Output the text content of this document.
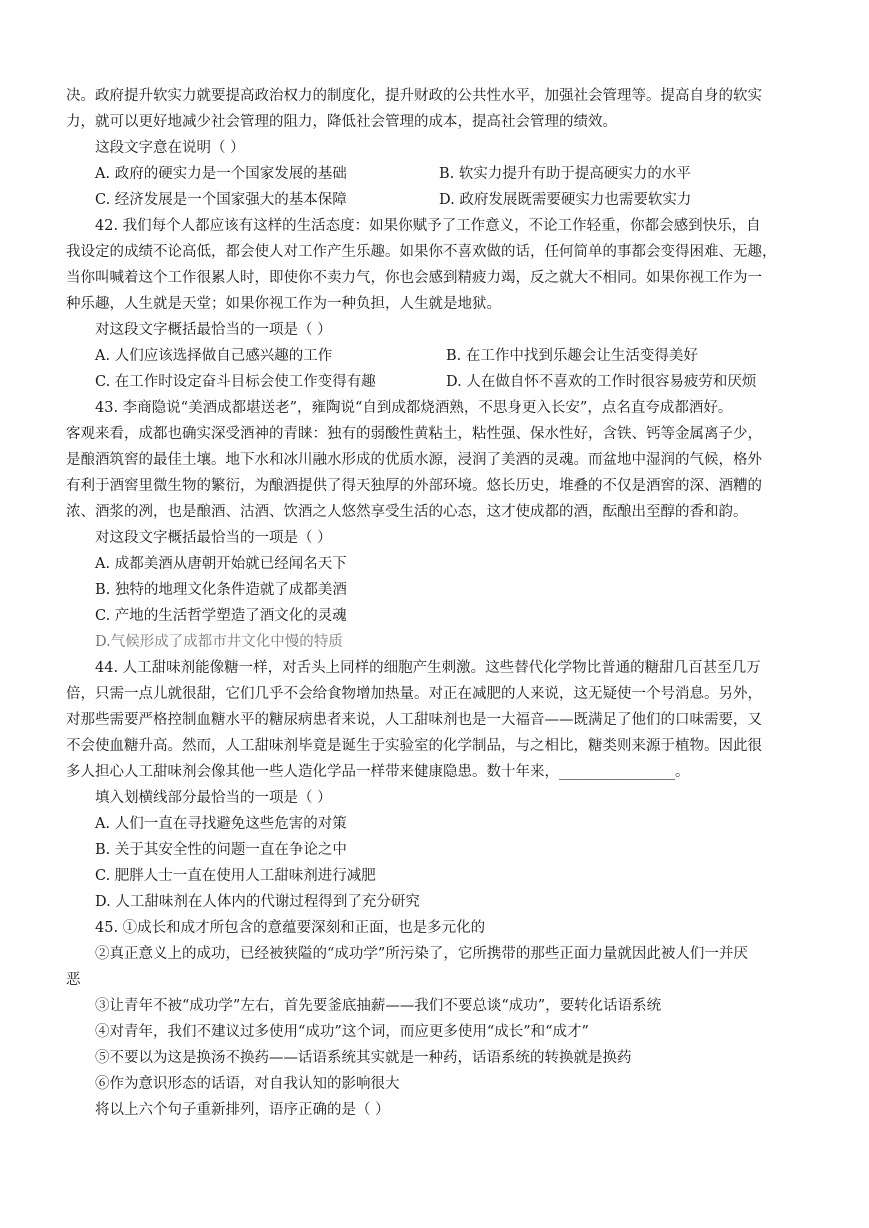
决。政府提升软实力就要提高政治权力的制度化，提升财政的公共性水平，加强社会管理等。提高自身的软实
力，就可以更好地减少社会管理的阻力，降低社会管理的成本，提高社会管理的绩效。
这段文字意在说明（ ）
A. 政府的硬实力是一个国家发展的基础	B. 软实力提升有助于提高硬实力的水平
C. 经济发展是一个国家强大的基本保障	D. 政府发展既需要硬实力也需要软实力
42. 我们每个人都应该有这样的生活态度：如果你赋予了工作意义，不论工作轻重，你都会感到快乐，自
我设定的成绩不论高低，都会使人对工作产生乐趣。如果你不喜欢做的话，任何简单的事都会变得困难、无趣，
当你叫喊着这个工作很累人时，即使你不卖力气，你也会感到精疲力竭，反之就大不相同。如果你视工作为一
种乐趣，人生就是天堂；如果你视工作为一种负担，人生就是地狱。
对这段文字概括最恰当的一项是（ ）
A. 人们应该选择做自己感兴趣的工作	B. 在工作中找到乐趣会让生活变得美好
C. 在工作时设定奋斗目标会使工作变得有趣	D. 人在做自怀不喜欢的工作时很容易疲劳和厌烦
43. 李商隐说“美酒成都堪送老”，雍陶说“自到成都烧酒熟，不思身更入长安”，点名直夸成都酒好。
客观来看，成都也确实深受酒神的青睐：独有的弱酸性黄粘土，粘性强、保水性好，含铁、钙等金属离子少，
是酿酒筑窖的最佳土壤。地下水和冰川融水形成的优质水源，浸润了美酒的灵魂。而盆地中湿润的气候，格外
有利于酒窖里微生物的繁衍，为酿酒提供了得天独厚的外部环境。悠长历史，堆叠的不仅是酒窖的深、酒糟的
浓、酒浆的冽，也是酿酒、沽酒、饮酒之人悠然享受生活的心态，这才使成都的酒，酝酿出至醇的香和韵。
对这段文字概括最恰当的一项是（ ）
A. 成都美酒从唐朝开始就已经闻名天下
B. 独特的地理文化条件造就了成都美酒
C. 产地的生活哲学塑造了酒文化的灵魂
D.气候形成了成都市井文化中慢的特质
44. 人工甜味剂能像糖一样，对舌头上同样的细胞产生刺激。这些替代化学物比普通的糖甜几百甚至几万
倍，只需一点儿就很甜，它们几乎不会给食物增加热量。对正在减肥的人来说，这无疑使一个号消息。另外，
对那些需要严格控制血糖水平的糖尿病患者来说，人工甜味剂也是一大福音——既满足了他们的口味需要，又
不会使血糖升高。然而，人工甜味剂毕竟是诞生于实验室的化学制品，与之相比，糖类则来源于植物。因此很
多人担心人工甜味剂会像其他一些人造化学品一样带来健康隐患。数十年来，________________。
填入划横线部分最恰当的一项是（ ）
A. 人们一直在寻找避免这些危害的对策
B. 关于其安全性的问题一直在争论之中
C. 肥胖人士一直在使用人工甜味剂进行减肥
D. 人工甜味剂在人体内的代谢过程得到了充分研究
45. ①成长和成才所包含的意蕴要深刻和正面，也是多元化的
②真正意义上的成功，已经被狭隘的“成功学”所污染了，它所携带的那些正面力量就因此被人们一并厌
恶
③让青年不被“成功学”左右，首先要釜底抽薪——我们不要总谈“成功”，要转化话语系统
④对青年，我们不建议过多使用“成功”这个词，而应更多使用“成长”和“成才”
⑤不要以为这是换汤不换药——话语系统其实就是一种药，话语系统的转换就是换药
⑥作为意识形态的话语，对自我认知的影响很大
将以上六个句子重新排列，语序正确的是（ ）
